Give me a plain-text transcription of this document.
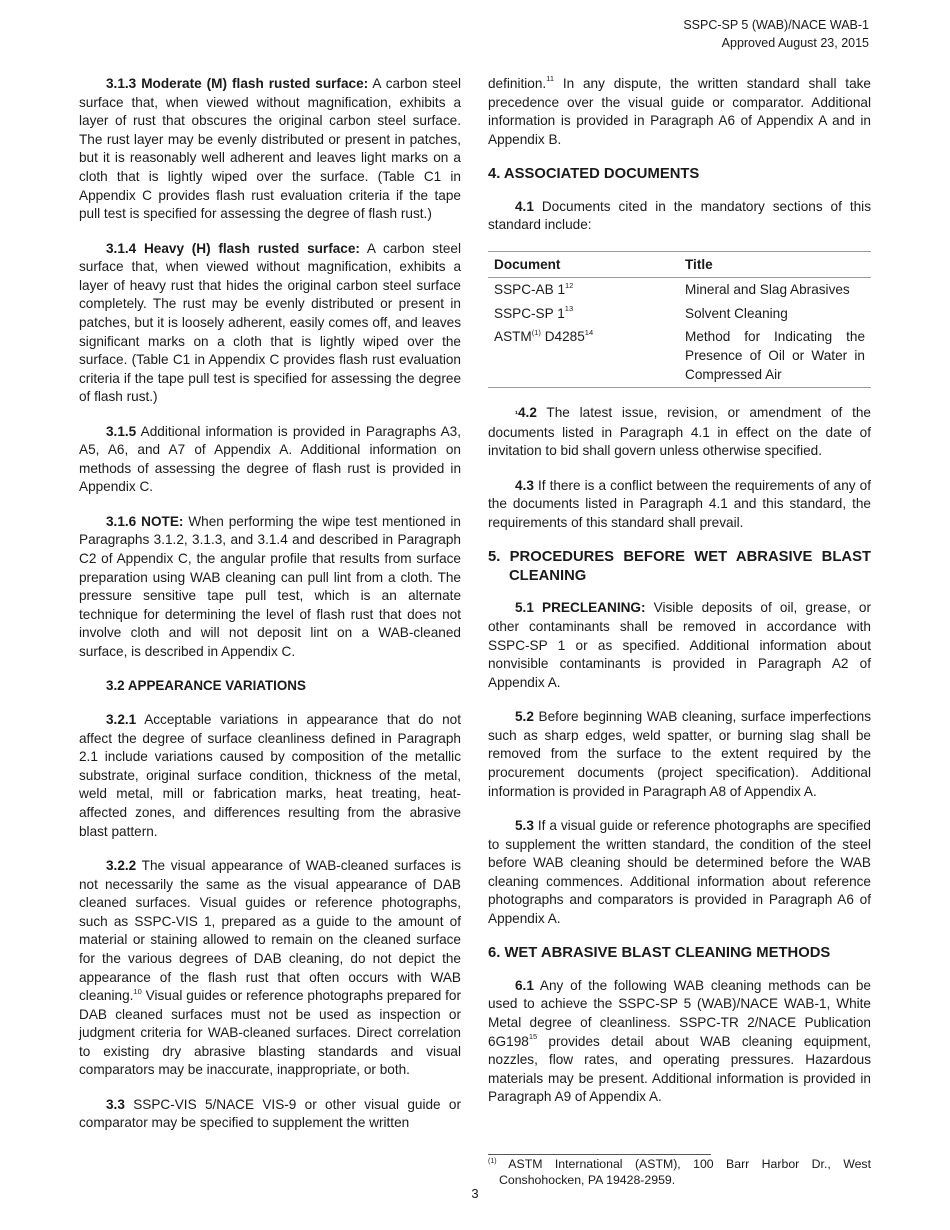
SSPC-SP 5 (WAB)/NACE WAB-1
Approved August 23, 2015

3.1.3 Moderate (M) flash rusted surface: A carbon steel surface that, when viewed without magnification, exhibits a layer of rust that obscures the original carbon steel surface. The rust layer may be evenly distributed or present in patches, but it is reasonably well adherent and leaves light marks on a cloth that is lightly wiped over the surface. (Table C1 in Appendix C provides flash rust evaluation criteria if the tape pull test is specified for assessing the degree of flash rust.)

3.1.4 Heavy (H) flash rusted surface: A carbon steel surface that, when viewed without magnification, exhibits a layer of heavy rust that hides the original carbon steel surface completely. The rust may be evenly distributed or present in patches, but it is loosely adherent, easily comes off, and leaves significant marks on a cloth that is lightly wiped over the surface. (Table C1 in Appendix C provides flash rust evaluation criteria if the tape pull test is specified for assessing the degree of flash rust.)

3.1.5 Additional information is provided in Paragraphs A3, A5, A6, and A7 of Appendix A. Additional information on methods of assessing the degree of flash rust is provided in Appendix C.

3.1.6 NOTE: When performing the wipe test mentioned in Paragraphs 3.1.2, 3.1.3, and 3.1.4 and described in Paragraph C2 of Appendix C, the angular profile that results from surface preparation using WAB cleaning can pull lint from a cloth. The pressure sensitive tape pull test, which is an alternate technique for determining the level of flash rust that does not involve cloth and will not deposit lint on a WAB-cleaned surface, is described in Appendix C.

3.2 APPEARANCE VARIATIONS

3.2.1 Acceptable variations in appearance that do not affect the degree of surface cleanliness defined in Paragraph 2.1 include variations caused by composition of the metallic substrate, original surface condition, thickness of the metal, weld metal, mill or fabrication marks, heat treating, heat-affected zones, and differences resulting from the abrasive blast pattern.

3.2.2 The visual appearance of WAB-cleaned surfaces is not necessarily the same as the visual appearance of DAB cleaned surfaces. Visual guides or reference photographs, such as SSPC-VIS 1, prepared as a guide to the amount of material or staining allowed to remain on the cleaned surface for the various degrees of DAB cleaning, do not depict the appearance of the flash rust that often occurs with WAB cleaning.$^{10}$ Visual guides or reference photographs prepared for DAB cleaned surfaces must not be used as inspection or judgment criteria for WAB-cleaned surfaces. Direct correlation to existing dry abrasive blasting standards and visual comparators may be inaccurate, inappropriate, or both.

3.3 SSPC-VIS 5/NACE VIS-9 or other visual guide or comparator may be specified to supplement the written

definition.$^{11}$ In any dispute, the written standard shall take precedence over the visual guide or comparator. Additional information is provided in Paragraph A6 of Appendix A and in Appendix B.

4. ASSOCIATED DOCUMENTS

4.1 Documents cited in the mandatory sections of this standard include:

Document	Title
SSPC-AB $1^{12}$	Mineral and Slag Abrasives
SSPC-SP $1^{13}$	Solvent Cleaning
ASTM$^{(1)}$ D4285$^{14}$	Method for Indicating the Presence of Oil or Water in Compressed Air

¹4.2 The latest issue, revision, or amendment of the documents listed in Paragraph 4.1 in effect on the date of invitation to bid shall govern unless otherwise specified.

4.3 If there is a conflict between the requirements of any of the documents listed in Paragraph 4.1 and this standard, the requirements of this standard shall prevail.

5. PROCEDURES BEFORE WET ABRASIVE BLAST CLEANING

5.1 PRECLEANING: Visible deposits of oil, grease, or other contaminants shall be removed in accordance with SSPC-SP 1 or as specified. Additional information about nonvisible contaminants is provided in Paragraph A2 of Appendix A.

5.2 Before beginning WAB cleaning, surface imperfections such as sharp edges, weld spatter, or burning slag shall be removed from the surface to the extent required by the procurement documents (project specification). Additional information is provided in Paragraph A8 of Appendix A.

5.3 If a visual guide or reference photographs are specified to supplement the written standard, the condition of the steel before WAB cleaning should be determined before the WAB cleaning commences. Additional information about reference photographs and comparators is provided in Paragraph A6 of Appendix A.

6. WET ABRASIVE BLAST CLEANING METHODS

6.1 Any of the following WAB cleaning methods can be used to achieve the SSPC-SP 5 (WAB)/NACE WAB-1, White Metal degree of cleanliness. SSPC-TR 2/NACE Publication $6G198^{15}$ provides detail about WAB cleaning equipment, nozzles, flow rates, and operating pressures. Hazardous materials may be present. Additional information is provided in Paragraph A9 of Appendix A.

$^{(1)}$ ASTM International (ASTM), 100 Barr Harbor Dr., West Conshohocken, PA 19428-2959.
3
